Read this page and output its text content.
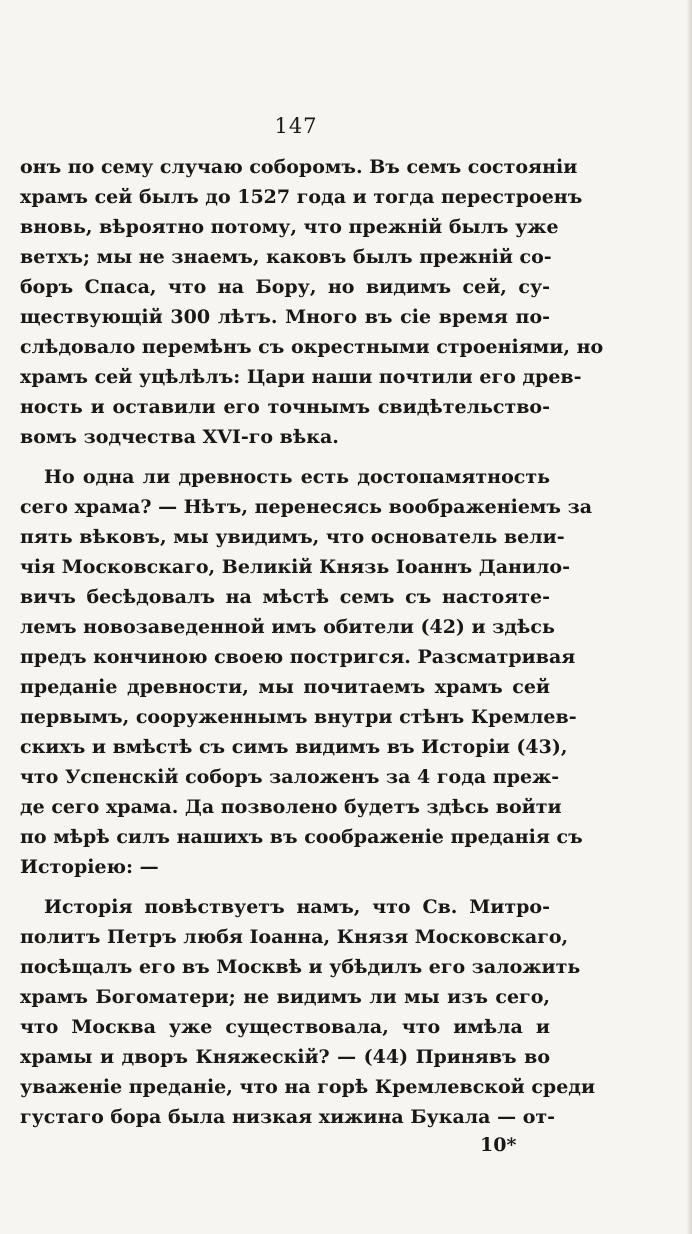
147
онъ по сему случаю соборомъ. Въ семъ состояніи
храмъ сей былъ до 1527 года и тогда перестроенъ
вновь, вѣроятно потому, что прежній былъ уже
ветхъ; мы не знаемъ, каковъ былъ прежній со-
боръ Спаса, что на Бору, но видимъ сей, су-
ществующій 300 лѣтъ. Много въ сіе время по-
слѣдовало перемѣнъ съ окрестными строеніями, но
храмъ сей уцѣлѣлъ: Цари наши почтили его древ-
ность и оставили его точнымъ свидѣтельство-
вомъ зодчества XVI-го вѣка.
Но одна ли древность есть достопамятность
сего храма? — Нѣтъ, перенесясь воображеніемъ за
пять вѣковъ, мы увидимъ, что основатель вели-
чія Московскаго, Великій Князь Іоаннъ Данило-
вичъ бесѣдовалъ на мѣстѣ семъ съ настояте-
лемъ новозаведенной имъ обители (42) и здѣсь
предъ кончиною своею постригся. Разсматривая
преданіе древности, мы почитаемъ храмъ сей
первымъ, сооруженнымъ внутри стѣнъ Кремлев-
скихъ и вмѣстѣ съ симъ видимъ въ Исторіи (43),
что Успенскій соборъ заложенъ за 4 года преж-
де сего храма. Да позволено будетъ здѣсь войти
по мѣрѣ силъ нашихъ въ соображеніе преданія съ
Исторіею: —
Исторія повѣствуетъ намъ, что Св. Митро-
политъ Петръ любя Іоанна, Князя Московскаго,
посѣщалъ его въ Москвѣ и убѣдилъ его заложить
храмъ Богоматери; не видимъ ли мы изъ сего,
что Москва уже существовала, что имѣла и
храмы и дворъ Княжескій? — (44) Принявъ во
уваженіе преданіе, что на горѣ Кремлевской среди
густаго бора была низкая хижина Букала — от-
10*
